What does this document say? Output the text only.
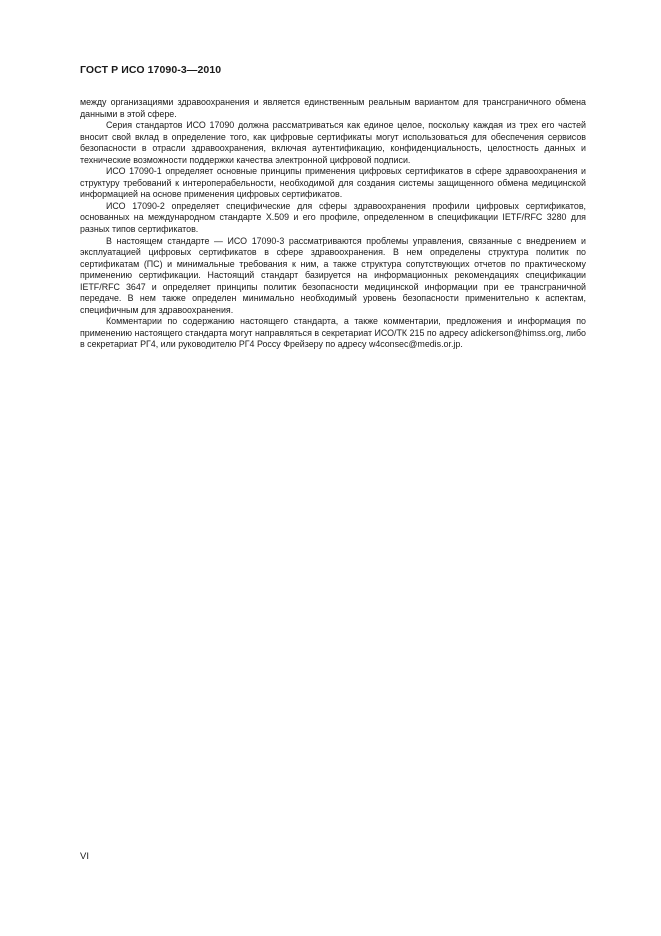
ГОСТ Р ИСО 17090-3—2010

между организациями здравоохранения и является единственным реальным вариантом для трансграничного обмена данными в этой сфере.

Серия стандартов ИСО 17090 должна рассматриваться как единое целое, поскольку каждая из трех его частей вносит свой вклад в определение того, как цифровые сертификаты могут использоваться для обеспечения сервисов безопасности в отрасли здравоохранения, включая аутентификацию, конфиденциальность, целостность данных и технические возможности поддержки качества электронной цифровой подписи.

ИСО 17090-1 определяет основные принципы применения цифровых сертификатов в сфере здравоохранения и структуру требований к интероперабельности, необходимой для создания системы защищенного обмена медицинской информацией на основе применения цифровых сертификатов.

ИСО 17090-2 определяет специфические для сферы здравоохранения профили цифровых сертификатов, основанных на международном стандарте X.509 и его профиле, определенном в спецификации IETF/RFC 3280 для разных типов сертификатов.

В настоящем стандарте — ИСО 17090-3 рассматриваются проблемы управления, связанные с внедрением и эксплуатацией цифровых сертификатов в сфере здравоохранения. В нем определены структура политик по сертификатам (ПС) и минимальные требования к ним, а также структура сопутствующих отчетов по практическому применению сертификации. Настоящий стандарт базируется на информационных рекомендациях спецификации IETF/RFC 3647 и определяет принципы политик безопасности медицинской информации при ее трансграничной передаче. В нем также определен минимально необходимый уровень безопасности применительно к аспектам, специфичным для здравоохранения.

Комментарии по содержанию настоящего стандарта, а также комментарии, предложения и информация по применению настоящего стандарта могут направляться в секретариат ИСО/ТК 215 по адресу adickerson@himss.org, либо в секретариат РГ4, или руководителю РГ4 Россу Фрейзеру по адресу w4consec@medis.or.jp.

VI
